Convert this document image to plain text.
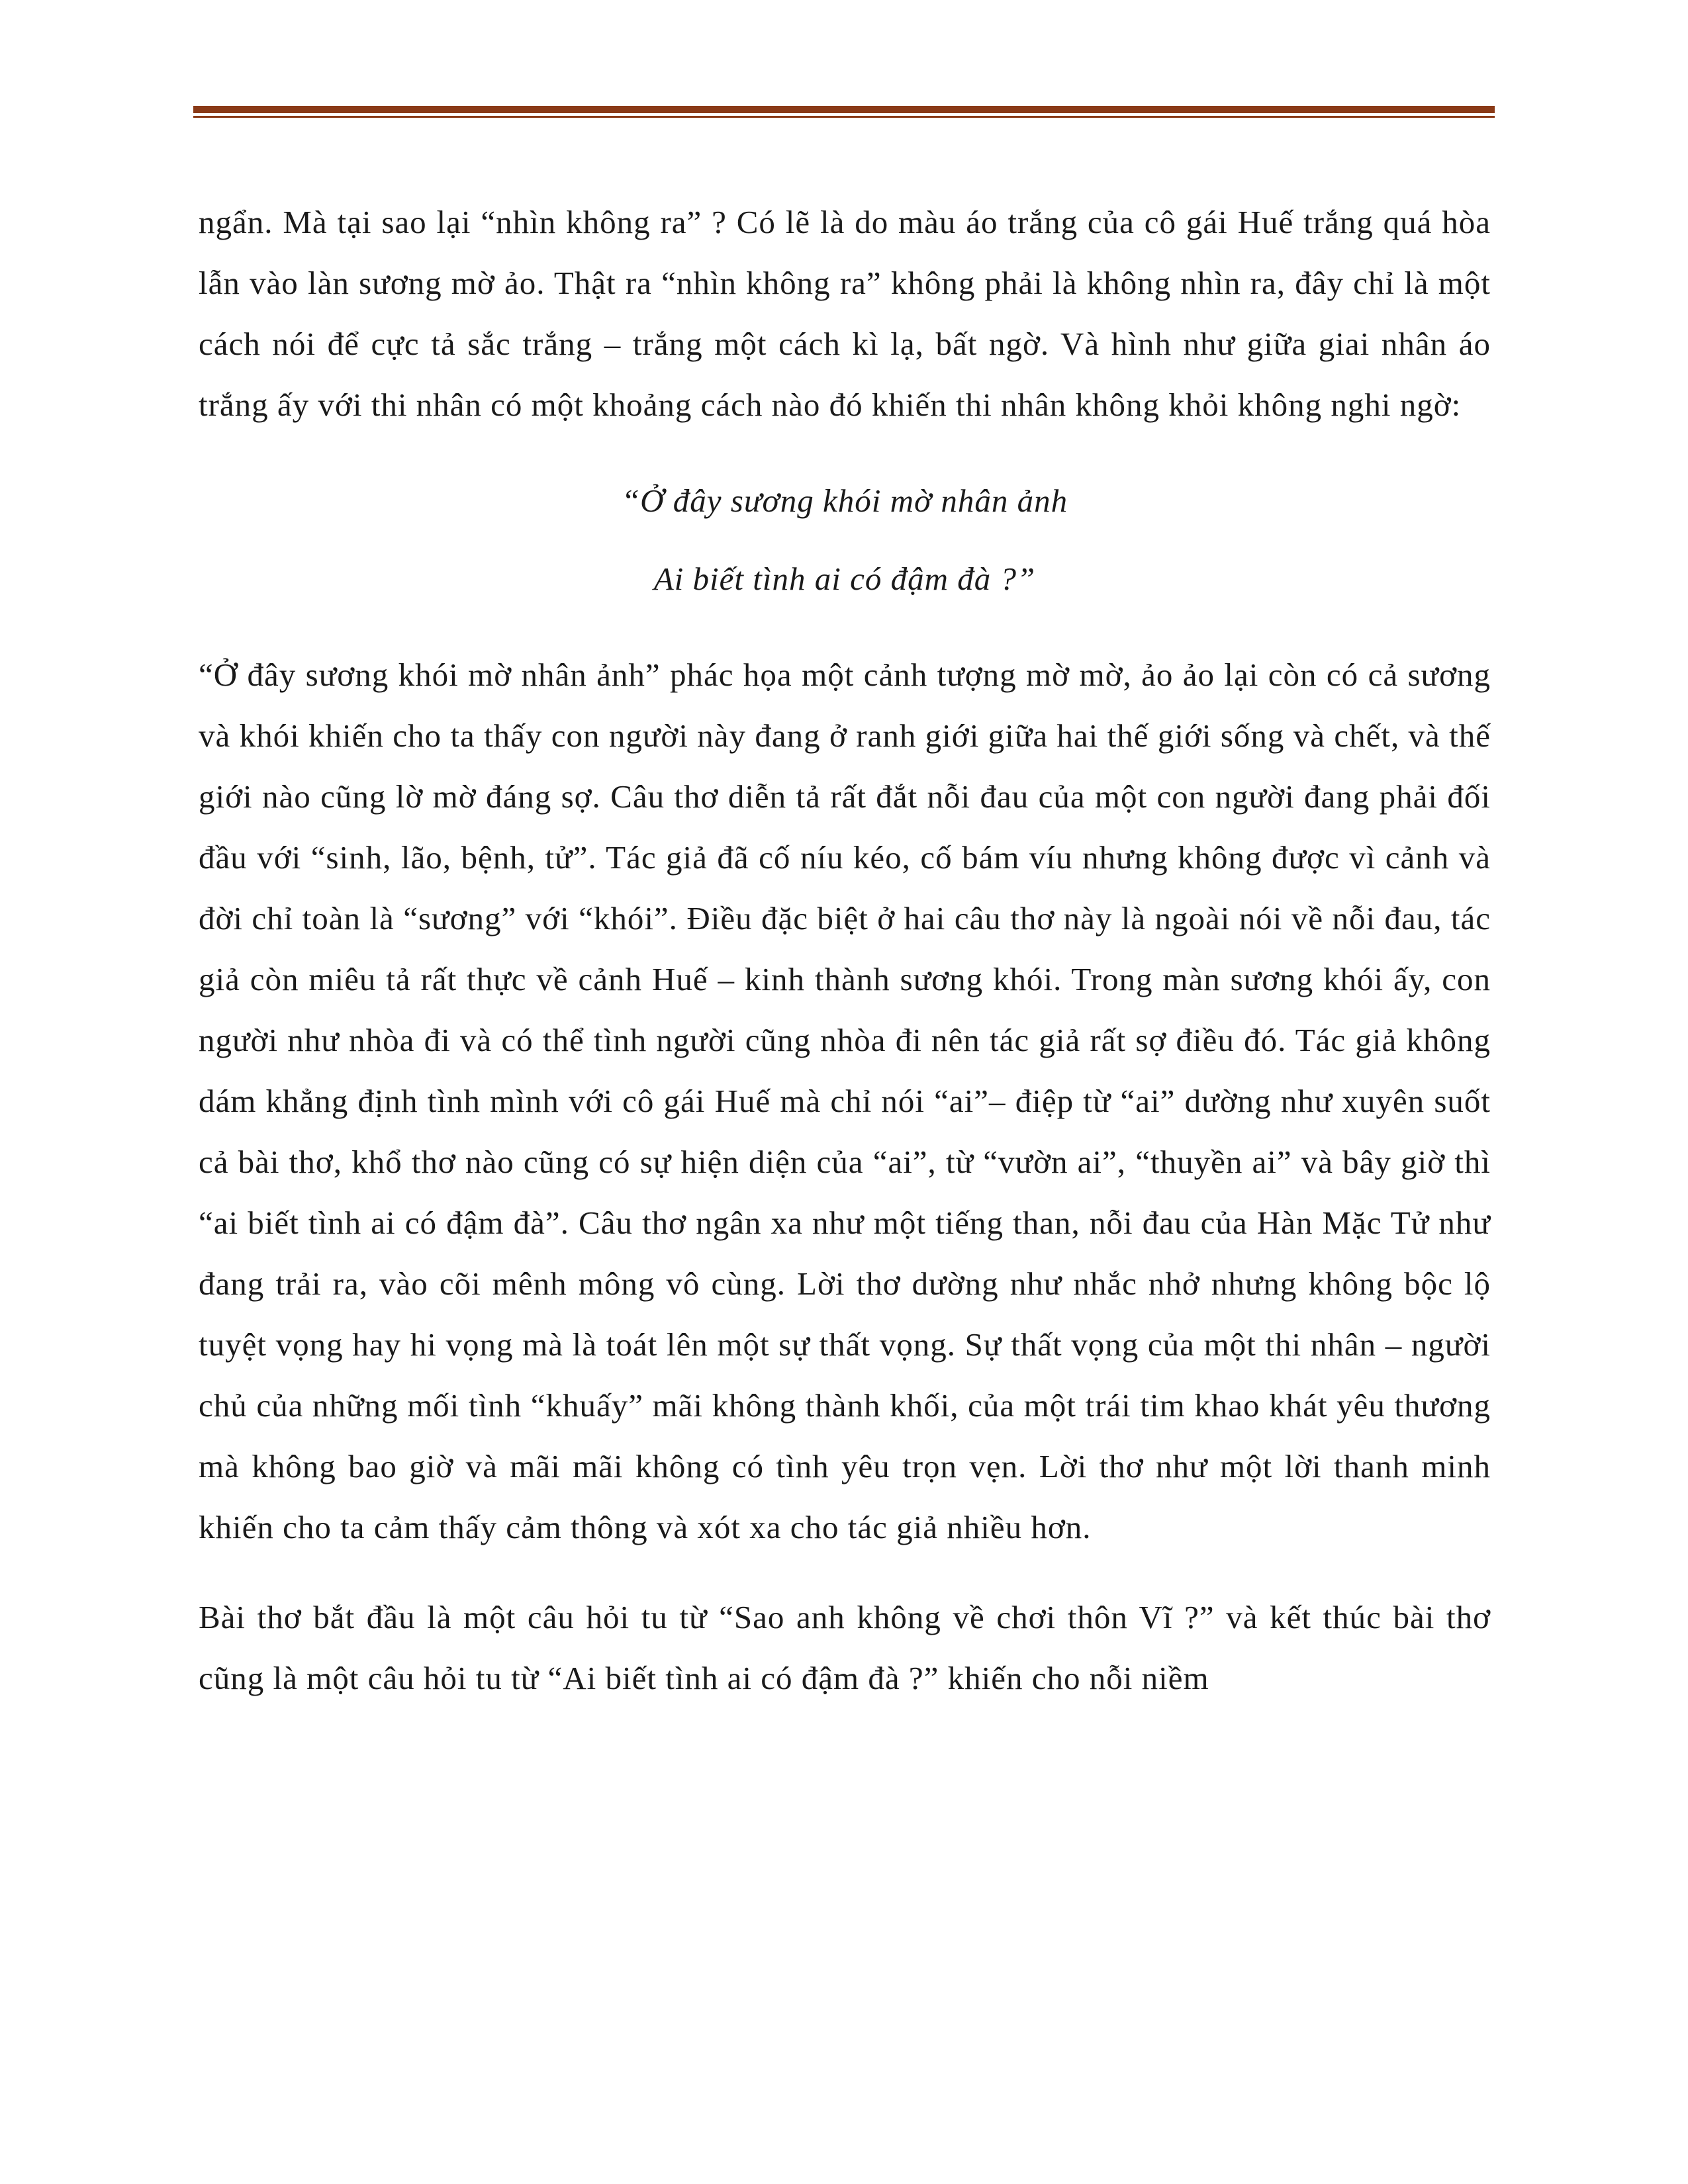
ngẩn. Mà tại sao lại “nhìn không ra” ? Có lẽ là do màu áo trắng của cô gái Huế trắng quá hòa lẫn vào làn sương mờ ảo. Thật ra “nhìn không ra” không phải là không nhìn ra, đây chỉ là một cách nói để cực tả sắc trắng – trắng một cách kì lạ, bất ngờ. Và hình như giữa giai nhân áo trắng ấy với thi nhân có một khoảng cách nào đó khiến thi nhân không khỏi không nghi ngờ:

“Ở đây sương khói mờ nhân ảnh
Ai biết tình ai có đậm đà ?”

“Ở đây sương khói mờ nhân ảnh” phác họa một cảnh tượng mờ mờ, ảo ảo lại còn có cả sương và khói khiến cho ta thấy con người này đang ở ranh giới giữa hai thế giới sống và chết, và thế giới nào cũng lờ mờ đáng sợ. Câu thơ diễn tả rất đắt nỗi đau của một con người đang phải đối đầu với “sinh, lão, bệnh, tử”. Tác giả đã cố níu kéo, cố bám víu nhưng không được vì cảnh và đời chỉ toàn là “sương” với “khói”. Điều đặc biệt ở hai câu thơ này là ngoài nói về nỗi đau, tác giả còn miêu tả rất thực về cảnh Huế – kinh thành sương khói. Trong màn sương khói ấy, con người như nhòa đi và có thể tình người cũng nhòa đi nên tác giả rất sợ điều đó. Tác giả không dám khẳng định tình mình với cô gái Huế mà chỉ nói “ai”– điệp từ “ai” dường như xuyên suốt cả bài thơ, khổ thơ nào cũng có sự hiện diện của “ai”, từ “vườn ai”, “thuyền ai” và bây giờ thì “ai biết tình ai có đậm đà”. Câu thơ ngân xa như một tiếng than, nỗi đau của Hàn Mặc Tử như đang trải ra, vào cõi mênh mông vô cùng. Lời thơ dường như nhắc nhở nhưng không bộc lộ tuyệt vọng hay hi vọng mà là toát lên một sự thất vọng. Sự thất vọng của một thi nhân – người chủ của những mối tình “khuấy” mãi không thành khối, của một trái tim khao khát yêu thương mà không bao giờ và mãi mãi không có tình yêu trọn vẹn. Lời thơ như một lời thanh minh khiến cho ta cảm thấy cảm thông và xót xa cho tác giả nhiều hơn.

Bài thơ bắt đầu là một câu hỏi tu từ “Sao anh không về chơi thôn Vĩ ?” và kết thúc bài thơ cũng là một câu hỏi tu từ “Ai biết tình ai có đậm đà ?” khiến cho nỗi niềm
